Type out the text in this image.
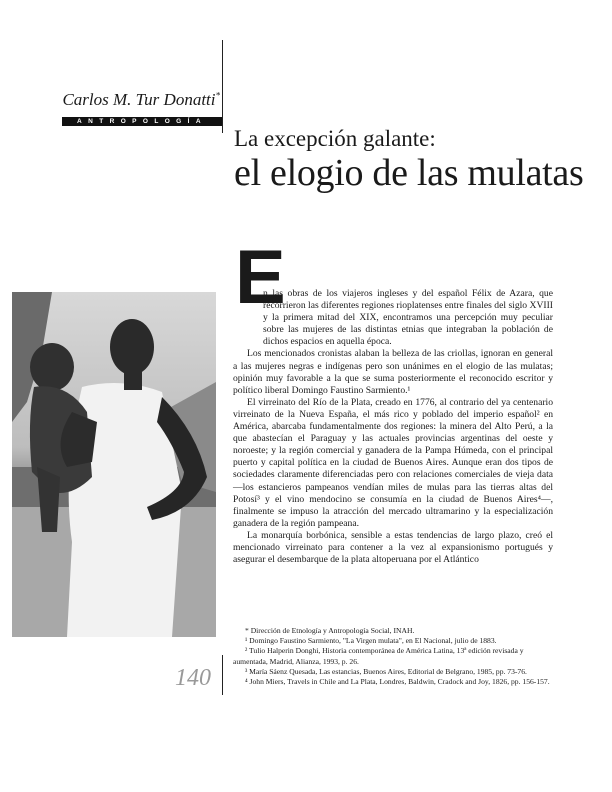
Carlos M. Tur Donatti*
ANTROPOLOGÍA
La excepción galante:
el elogio de las mulatas
E

n las obras de los viajeros ingleses y del español Félix de Azara, que recorrieron las diferentes regiones rioplatenses entre finales del siglo XVIII y la primera mitad del XIX, encontramos una percepción muy peculiar sobre las mujeres de las distintas etnias que integraban la población de dichos espacios en aquella época.

Los mencionados cronistas alaban la belleza de las criollas, ignoran en general a las mujeres negras e indígenas pero son unánimes en el elogio de las mulatas; opinión muy favorable a la que se suma posteriormente el reconocido escritor y político liberal Domingo Faustino Sarmiento.¹

El virreinato del Río de la Plata, creado en 1776, al contrario del ya centenario virreinato de la Nueva España, el más rico y poblado del imperio español² en América, abarcaba fundamentalmente dos regiones: la minera del Alto Perú, a la que abastecían el Paraguay y las actuales provincias argentinas del oeste y noroeste; y la región comercial y ganadera de la Pampa Húmeda, con el principal puerto y capital política en la ciudad de Buenos Aires. Aunque eran dos tipos de sociedades claramente diferenciadas pero con relaciones comerciales de vieja data —los estancieros pampeanos vendían miles de mulas para las tierras altas del Potosí³ y el vino mendocino se consumía en la ciudad de Buenos Aires⁴—, finalmente se impuso la atracción del mercado ultramarino y la especialización ganadera de la región pampeana.

La monarquía borbónica, sensible a estas tendencias de largo plazo, creó el mencionado virreinato para contener a la vez al expansionismo portugués y asegurar el desembarque de la plata altoperuana por el Atlántico

* Dirección de Etnología y Antropología Social, INAH.
¹ Domingo Faustino Sarmiento, "La Virgen mulata", en El Nacional, julio de 1883.
² Tulio Halperin Donghi, Historia contemporánea de América Latina, 13ª edición revisada y aumentada, Madrid, Alianza, 1993, p. 26.
³ María Sáenz Quesada, Las estancias, Buenos Aires, Editorial de Belgrano, 1985, pp. 73-76.
⁴ John Miers, Travels in Chile and La Plata, Londres, Baldwin, Cradock and Joy, 1826, pp. 156-157.
140
